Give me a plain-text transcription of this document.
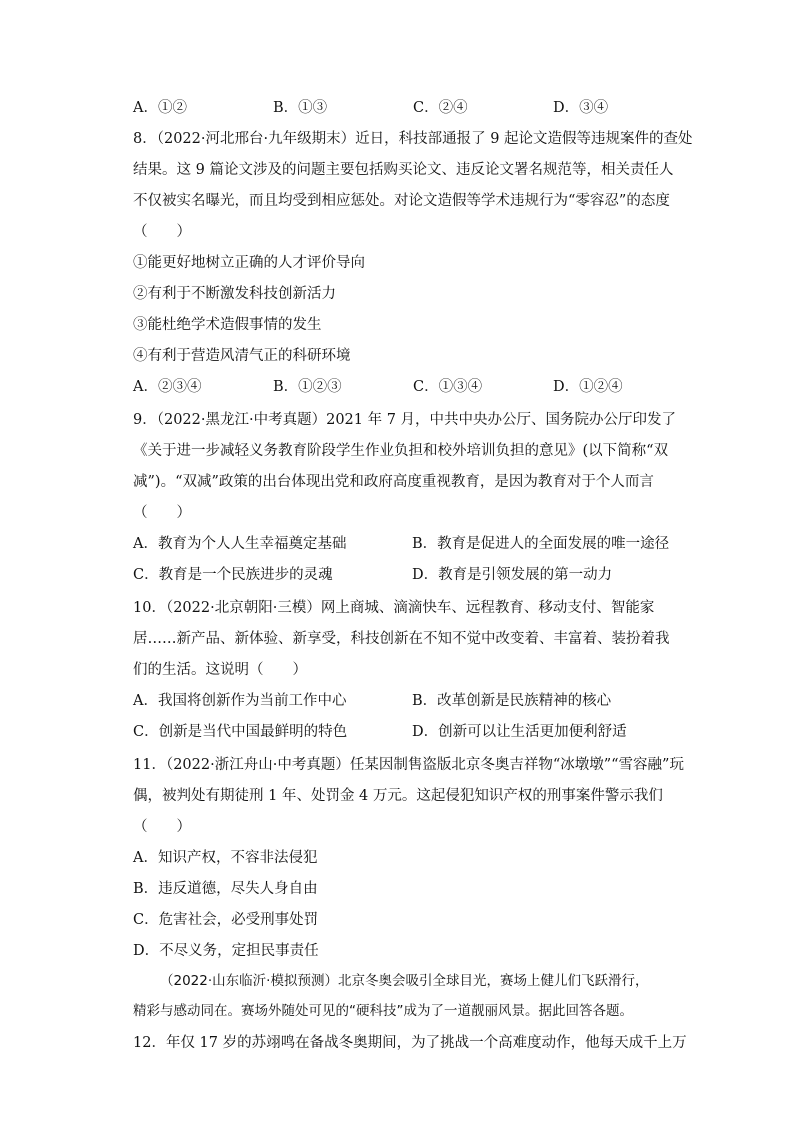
A．①②	B．①③	C．②④	D．③④
8．（2022·河北邢台·九年级期末）近日，科技部通报了 9 起论文造假等违规案件的查处
结果。这 9 篇论文涉及的问题主要包括购买论文、违反论文署名规范等，相关责任人
不仅被实名曝光，而且均受到相应惩处。对论文造假等学术违规行为“零容忍”的态度
（　　）
①能更好地树立正确的人才评价导向
②有利于不断激发科技创新活力
③能杜绝学术造假事情的发生
④有利于营造风清气正的科研环境
A．②③④	B．①②③	C．①③④	D．①②④
9．（2022·黑龙江·中考真题）2021 年 7 月，中共中央办公厅、国务院办公厅印发了
《关于进一步减轻义务教育阶段学生作业负担和校外培训负担的意见》(以下简称“双
减”)。“双减”政策的出台体现出党和政府高度重视教育，是因为教育对于个人而言
（　　）
A．教育为个人人生幸福奠定基础	B．教育是促进人的全面发展的唯一途径
C．教育是一个民族进步的灵魂	D．教育是引领发展的第一动力
10．（2022·北京朝阳·三模）网上商城、滴滴快车、远程教育、移动支付、智能家
居……新产品、新体验、新享受，科技创新在不知不觉中改变着、丰富着、装扮着我
们的生活。这说明（　　）
A．我国将创新作为当前工作中心	B．改革创新是民族精神的核心
C．创新是当代中国最鲜明的特色	D．创新可以让生活更加便利舒适
11．（2022·浙江舟山·中考真题）任某因制售盗版北京冬奥吉祥物“冰墩墩”“雪容融”玩
偶，被判处有期徒刑 1 年、处罚金 4 万元。这起侵犯知识产权的刑事案件警示我们
（　　）
A．知识产权，不容非法侵犯
B．违反道德，尽失人身自由
C．危害社会，必受刑事处罚
D．不尽义务，定担民事责任
（2022·山东临沂·模拟预测）北京冬奥会吸引全球目光，赛场上健儿们飞跃滑行，
精彩与感动同在。赛场外随处可见的“硬科技”成为了一道靓丽风景。据此回答各题。
12．年仅 17 岁的苏翊鸣在备战冬奥期间，为了挑战一个高难度动作，他每天成千上万
